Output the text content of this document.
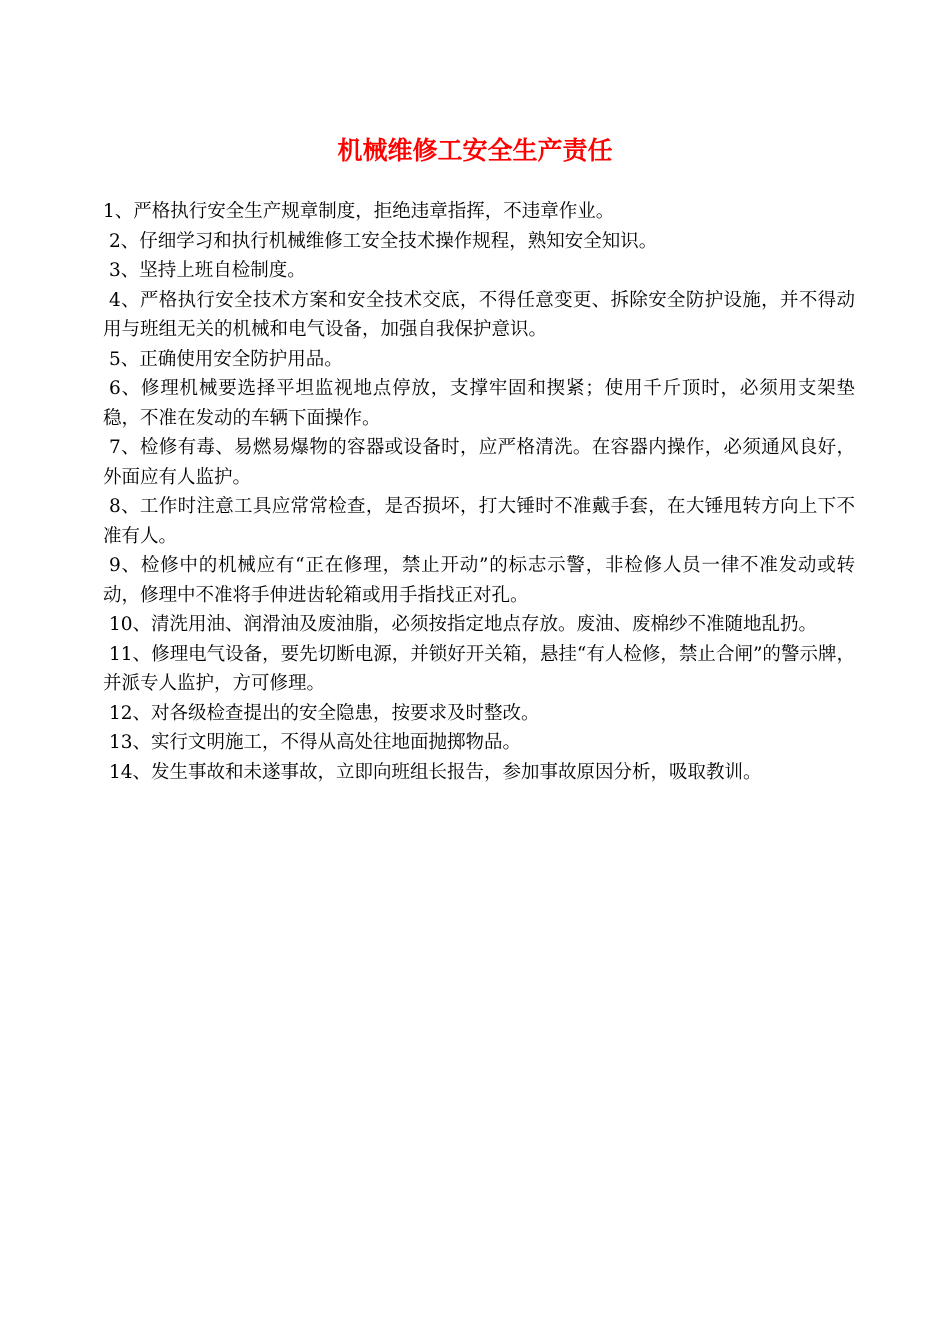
机械维修工安全生产责任

1、严格执行安全生产规章制度，拒绝违章指挥，不违章作业。

2、仔细学习和执行机械维修工安全技术操作规程，熟知安全知识。

3、坚持上班自检制度。

4、严格执行安全技术方案和安全技术交底，不得任意变更、拆除安全防护设施，并不得动用与班组无关的机械和电气设备，加强自我保护意识。

5、正确使用安全防护用品。

6、修理机械要选择平坦监视地点停放，支撑牢固和揳紧；使用千斤顶时，必须用支架垫稳，不准在发动的车辆下面操作。

7、检修有毒、易燃易爆物的容器或设备时，应严格清洗。在容器内操作，必须通风良好，外面应有人监护。

8、工作时注意工具应常常检查，是否损坏，打大锤时不准戴手套，在大锤甩转方向上下不准有人。

9、检修中的机械应有“正在修理，禁止开动”的标志示警，非检修人员一律不准发动或转动，修理中不准将手伸进齿轮箱或用手指找正对孔。

10、清洗用油、润滑油及废油脂，必须按指定地点存放。废油、废棉纱不准随地乱扔。

11、修理电气设备，要先切断电源，并锁好开关箱，悬挂“有人检修，禁止合闸”的警示牌，并派专人监护，方可修理。

12、对各级检查提出的安全隐患，按要求及时整改。

13、实行文明施工，不得从高处往地面抛掷物品。

14、发生事故和未遂事故，立即向班组长报告，参加事故原因分析，吸取教训。
